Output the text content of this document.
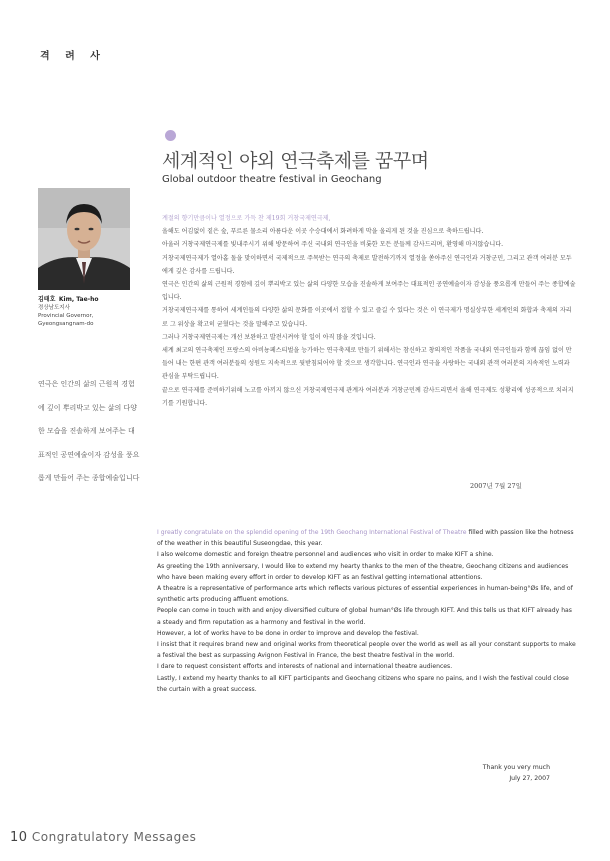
격 려 사
세계적인 야외 연극축제를 꿈꾸며
Global outdoor theatre festival in Geochang
김태호 Kim, Tae-ho
경상남도지사
Provincial Governor,
Gyeongsangnam-do
연극은 인간의 삶의 근원적 경험에 깊이 뿌리박고 있는 삶의 다양한 모습을 진솔하게 보여주는 대표적인 공연예술이자 감성을 풍요롭게 만들어 주는 종합예술입니다

계절의 향기만큼이나 열정으로 가득 찬 제19회 거창국제연극제,

올해도 어김없이 짙은 숲, 푸르른 물소리 아름다운 이곳 수승대에서 화려하게 막을 올리게 된 것을 진심으로 축하드립니다.

아울러 거창국제연극제를 빛내주시기 위해 방문하여 주신 국내외 연극인을 비롯한 모든 분들께 감사드리며, 환영해 마지않습니다.

거창국제연극제가 열아홉 돌을 맞이하면서 국제적으로 주목받는 연극의 축제로 발전하기까지 열정을 쏟아주신 연극인과 거창군민, 그리고 관객 여러분 모두에게 깊은 감사를 드립니다.

연극은 인간의 삶의 근원적 경험에 깊이 뿌리박고 있는 삶의 다양한 모습을 진솔하게 보여주는 대표적인 공연예술이자 감성을 풍요롭게 만들어 주는 종합예술입니다.

거창국제연극제를 통하여 세계인들의 다양한 삶의 문화를 이곳에서 접할 수 있고 즐길 수 있다는 것은 이 연극제가 명실상부한 세계인의 화합과 축제의 자리로 그 위상을 확고히 굳혔다는 것을 말해주고 있습니다.

그러나 거창국제연극제는 개선 보완하고 발전시켜야 할 일이 아직 많을 것입니다.

세계 최고의 연극축제인 프랑스의 아비뇽페스티벌을 능가하는 연극축제로 만들기 위해서는 참신하고 창의적인 작품을 국내외 연극인들과 함께 끊임 없이 만들어 내는 한편 관객 여러분들의 성원도 지속적으로 뒷받침되어야 할 것으로 생각합니다. 연극인과 연극을 사랑하는 국내외 관객 여러분의 지속적인 노력과 관심을 부탁드립니다.

끝으로 연극제를 준비하기위해 노고를 아끼지 않으신 거창국제연극제 관계자 여러분과 거창군민께 감사드리면서 올해 연극제도 성황리에 성공적으로 치러지기를 기원합니다.

2007년 7월 27일

I greatly congratulate on the splendid opening of the 19th Geochang International Festival of Theatre filled with passion like the hotness of the weather in this beautiful Suseongdae, this year.

I also welcome domestic and foreign theatre personnel and audiences who visit in order to make KIFT a shine.

As greeting the 19th anniversary, I would like to extend my hearty thanks to the men of the theatre, Geochang citizens and audiences who have been making every effort in order to develop KIFT as an festival getting international attentions.

A theatre is a representative of performance arts which reflects various pictures of essential experiences in human-being°Øs life, and of synthetic arts producing affluent emotions.

People can come in touch with and enjoy diversified culture of global human°Øs life through KIFT. And this tells us that KIFT already has a steady and firm reputation as a harmony and festival in the world.

However, a lot of works have to be done in order to improve and develop the festival.

I insist that it requires brand new and original works from theoretical people over the world as well as all your constant supports to make a festival the best as surpassing Avignon Festival in France, the best theatre festival in the world.

I dare to request consistent efforts and interests of national and international theatre audiences.

Lastly, I extend my hearty thanks to all KIFT participants and Geochang citizens who spare no pains, and I wish the festival could close the curtain with a great success.

Thank you very much
July 27, 2007
10 Congratulatory Messages
